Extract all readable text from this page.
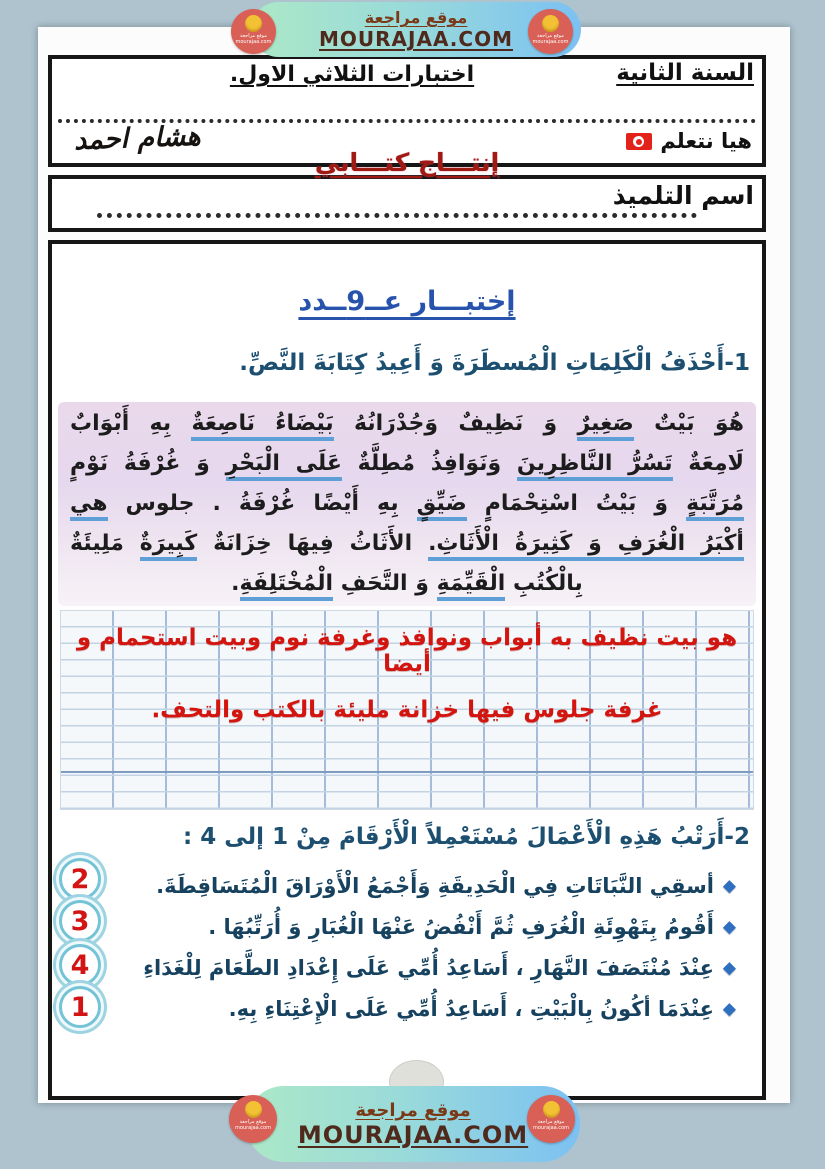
موقع مراجعة
MOURAJAA.COM
موقع مراجعة
mourajaa.com
موقع مراجعة
mourajaa.com
السنة الثانية
اختبارات الثلاثي الاول.
هيا نتعلم
هشام احمد
إنتـــاج كتـــابي
اسم التلميذ
إختبـــار عــ9ــدد
1-أَحْذَفُ الْكَلِمَاتِ الْمُسطَرَةَ وَ أَعِيدُ كِتَابَةَ النَّصِّ.
هُوَ بَيْتٌ صَغِيرٌ وَ نَظِيفٌ وَجُدْرَانُهُ بَيْضَاءُ نَاصِعَةٌ بِهِ أَبْوَابٌ
لَامِعَةٌ تَسُرُّ النَّاظِرِينَ وَنَوَافِذُ مُطِلَّةٌ عَلَى الْبَحْرِ وَ غُرْفَةُ نَوْمٍ
مُرَتَّبَةٍ وَ بَيْتُ اسْتِحْمَامٍ ضَيِّقٍ بِهِ أَيْضًا غُرْفَةُ . جلوس هي
أكْبَرُ الْغُرَفِ وَ كَثِيرَةُ الْأَثَاثِ. الأَثَاثُ فِيهَا خِزَانَةٌ كَبِيرَةٌ مَلِيئَةٌ
بِالْكُتُبِ الْقَيِّمَةِ وَ التَّحَفِ الْمُخْتَلِفَةِ.
هو بيت نظيف به أبواب ونوافذ وغرفة نوم وبيت استحمام و أيضا
غرفة جلوس فيها خزانة مليئة بالكتب والتحف.
2-أَرَتْبُ هَذِهِ الْأَعْمَالَ مُسْتَعْمِلاً الْأَرْقَامَ مِنْ 1 إلى 4 :
◆
أسقِي النَّبَاتَاتِ فِي الْحَدِيقَةِ وَأَجْمَعُ الْأَوْرَاقَ الْمُتَسَاقِطَةَ.
◆
أَقُومُ بِتَهْوِئَةِ الْغُرَفِ ثُمَّ أَنْفُضُ عَنْهَا الْغُبَارِ وَ أُرَتِّبُهَا .
◆
عِنْدَ مُنْتَصَفَ النَّهَارِ ، أَسَاعِدُ أُمِّي عَلَى إِعْدَادِ الطَّعَامَ لِلْغَدَاءِ
◆
عِنْدَمَا أكُونُ بِالْبَيْتِ ، أَسَاعِدُ أُمِّي عَلَى الْإِعْتِنَاءِ بِهِ.
2
3
4
1
موقع مراجعة
MOURAJAA.COM
موقع مراجعة
mourajaa.com
موقع مراجعة
mourajaa.com
